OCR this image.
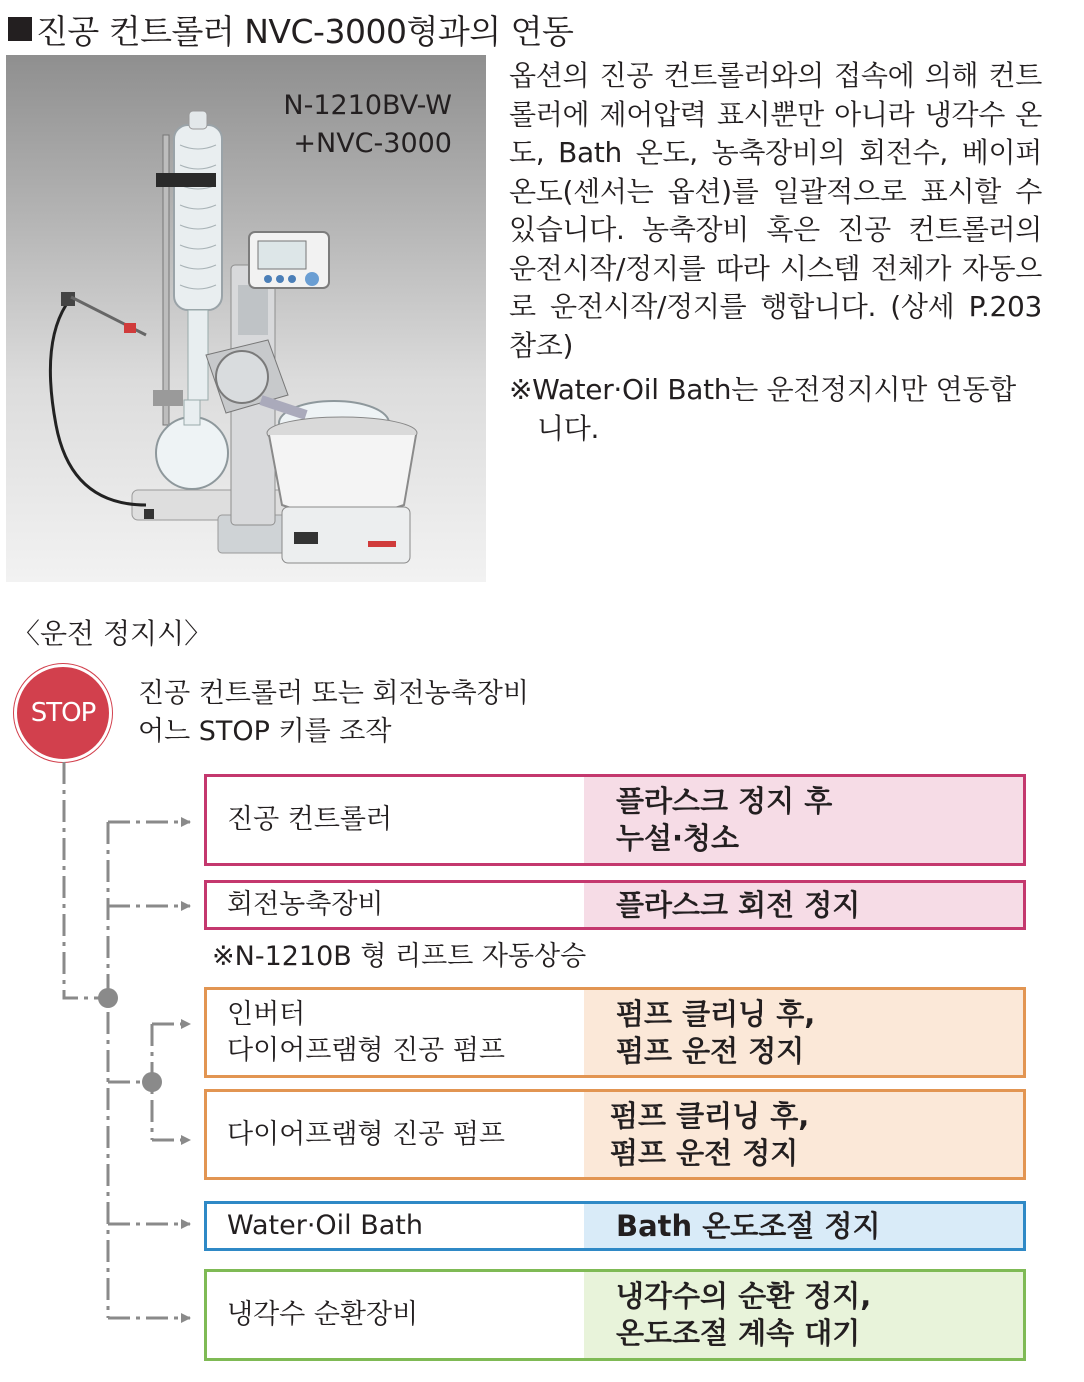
진공 컨트롤러 NVC-3000형과의 연동
N-1210BV-W
+NVC-3000
옵션의 진공 컨트롤러와의 접속에 의해 컨트롤러에 제어압력 표시뿐만 아니라 냉각수 온도, Bath 온도, 농축장비의 회전수, 베이퍼 온도(센서는 옵션)를 일괄적으로 표시할 수 있습니다. 농축장비 혹은 진공 컨트롤러의 운전시작/정지를 따라 시스템 전체가 자동으로 운전시작/정지를 행합니다. (상세 P.203 참조)
※Water·Oil Bath는 운전정지시만 연동합니다.
〈운전 정지시〉
STOP
진공 컨트롤러 또는 회전농축장비
어느 STOP 키를 조작
진공 컨트롤러
플라스크 정지 후
누설·청소
회전농축장비	플라스크 회전 정지
※N-1210B 형 리프트 자동상승
인버터
다이어프램형 진공 펌프
펌프 클리닝 후,
펌프 운전 정지
다이어프램형 진공 펌프
펌프 클리닝 후,
펌프 운전 정지
Water·Oil Bath	Bath 온도조절 정지
냉각수 순환장비
냉각수의 순환 정지,
온도조절 계속 대기
